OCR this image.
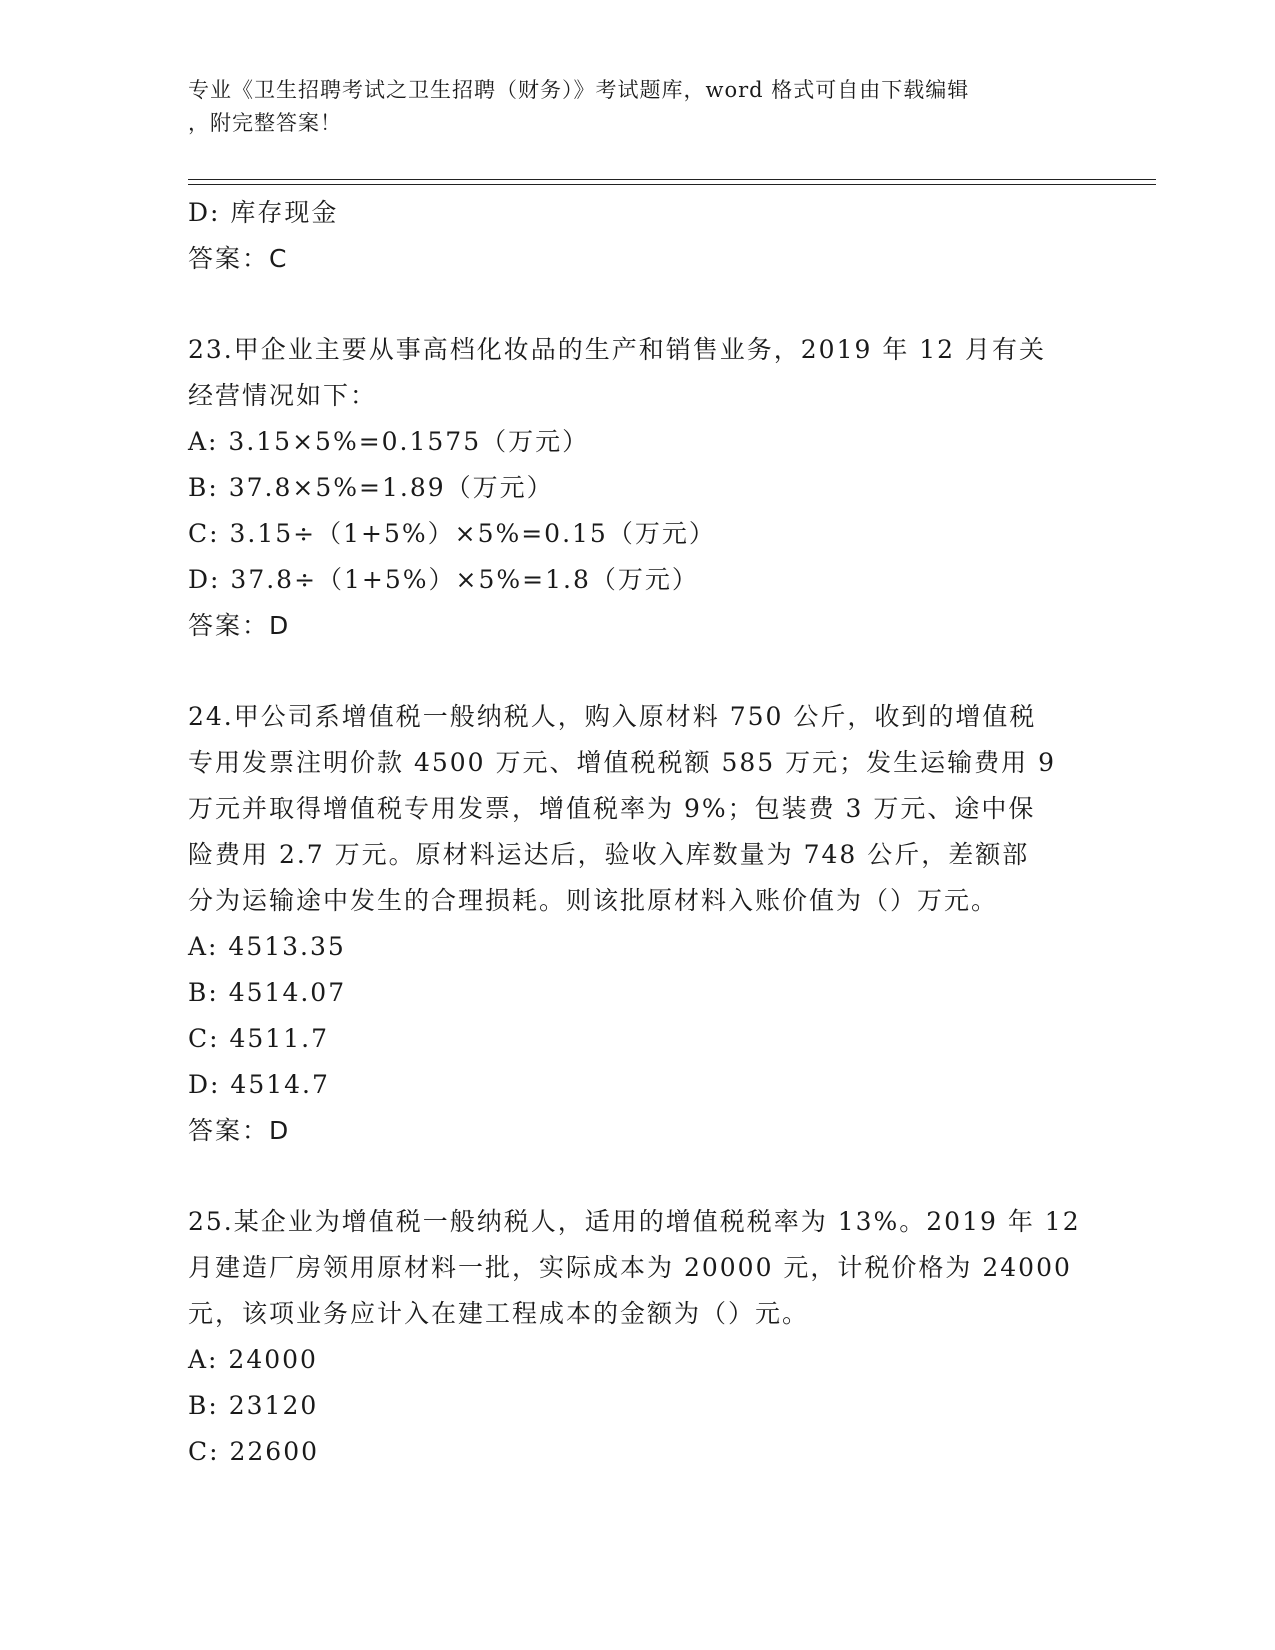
专业《卫生招聘考试之卫生招聘（财务）》考试题库，word 格式可自由下载编辑
，附完整答案！
D: 库存现金
答案：C
23.甲企业主要从事高档化妆品的生产和销售业务，2019 年 12 月有关
经营情况如下：
A: 3.15×5%=0.1575（万元）
B: 37.8×5%=1.89（万元）
C: 3.15÷（1+5%）×5%=0.15（万元）
D: 37.8÷（1+5%）×5%=1.8（万元）
答案：D
24.甲公司系增值税一般纳税人，购入原材料 750 公斤，收到的增值税
专用发票注明价款 4500 万元、增值税税额 585 万元；发生运输费用 9
万元并取得增值税专用发票，增值税率为 9%；包装费 3 万元、途中保
险费用 2.7 万元。原材料运达后，验收入库数量为 748 公斤，差额部
分为运输途中发生的合理损耗。则该批原材料入账价值为（）万元。
A: 4513.35
B: 4514.07
C: 4511.7
D: 4514.7
答案：D
25.某企业为增值税一般纳税人，适用的增值税税率为 13%。2019 年 12
月建造厂房领用原材料一批，实际成本为 20000 元，计税价格为 24000
元，该项业务应计入在建工程成本的金额为（）元。
A: 24000
B: 23120
C: 22600
